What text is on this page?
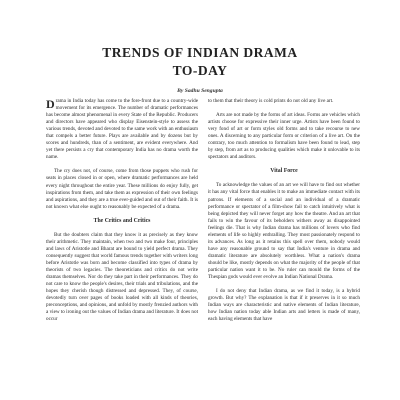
TRENDS OF INDIAN DRAMA
TO-DAY
By Sadhu Sengupta

Drama in India today has come to the fore-front due to a country-wide movement for its emergence. The number of dramatic performances has become almost phenomenal in every State of the Republic. Producers and directors have appeared who display Eisenstein-style to assess the various trends, devoted and devoted to the same work with an enthusiasm that compels a better future. Plays are available and by dozens but by scores and hundreds, than of a sentiment, are evident everywhere. And yet there persists a cry that contemporary India has no drama worth the name.

The cry does not, of course, come from those puppets who rush for seats in places closed in or open, where dramatic performances are held every night throughout the entire year. These millions do enjoy fully, get inspirations from them, and take them as expression of their own feelings and aspirations, and they are a true ever-guided and out of their faith. It is not known what else ought to reasonably be expected of a drama.

The Critics and Critics

But the doubters claim that they know it as precisely as they know their arithmetic. They maintain, when two and two make four, principles and laws of Aristotle and Bharat are bound to yield perfect drama. They consequently suggest that world famous trends together with writers long before Aristotle was born and become classified into types of drama by theorists of two legacies. The theoreticians and critics do not write dramas themselves. Nor do they take part in their performances. They do not care to know the people's desires, their trials and tribulations, and the hopes they cherish though distressed and depressed. They, of course, devotedly turn over pages of books loaded with all kinds of theories, preconceptions, and opinions, and unfold by mostly frenzied authors with a view to ironing out the values of Indian drama and literature. It does not occur

to them that their theory is cold prints do not old any live art.

Arts are not made by the forms of art ideas. Forms are vehicles which artists choose for expressive their inner urge. Artists have been found to very fond of art or form styles old forms and to take recourse to new ones. A discerning to any particular form or criterion of a live art. On the contrary, too much attention to formalism have been found to lead, step by step, from art as to producing qualities which make it unlovable to its spectators and auditors.

Vital Force

To acknowledge the values of an art we will have to find out whether it has any vital force that enables it to make an immediate contact with its patrons. If elements of a social and an individual of a dramatic performance or spectator of a film-show fail to catch intuitively what is being depicted they will never forget any how the theatre. And an art that fails to win the favour of its beholders withers away as disappointed feelings die. That is why Indian drama has millions of lovers who find elements of life so highly enthralling. They most passionately respond to its advances. As long as it retains this spell over them, nobody would have any reasonable ground to say that India's venture in drama and dramatic literature are absolutely worthless. What a nation's drama should be like, mostly depends on what the majority of the people of that particular nation want it to be. No ruler can mould the forms of the Thespian gods would ever evolve an Indian National Drama.

I do not deny that Indian drama, as we find it today, is a hybrid growth. But why? The explanation is that if it preserves in it so much Indian ways are characteristic and native elements of Indian literature, how Indian nation today able Indian arts and letters is made of many, each having elements that have
